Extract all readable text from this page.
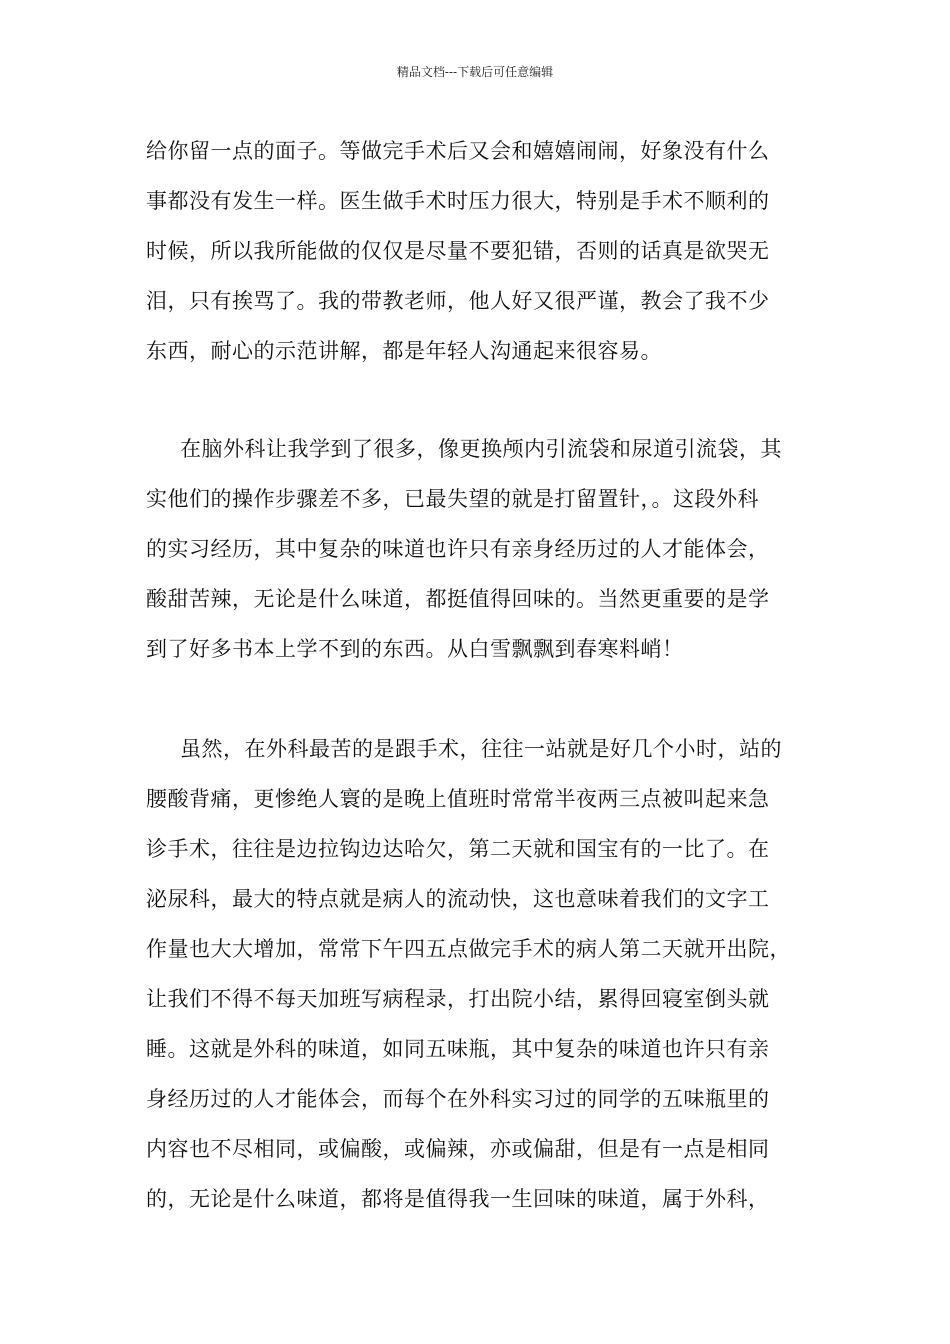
精品文档---下载后可任意编辑
给你留一点的面子。等做完手术后又会和嬉嬉闹闹，好象没有什么
事都没有发生一样。医生做手术时压力很大，特别是手术不顺利的
时候，所以我所能做的仅仅是尽量不要犯错，否则的话真是欲哭无
泪，只有挨骂了。我的带教老师，他人好又很严谨，教会了我不少
东西，耐心的示范讲解，都是年轻人沟通起来很容易。
在脑外科让我学到了很多，像更换颅内引流袋和尿道引流袋，其
实他们的操作步骤差不多，已最失望的就是打留置针，。这段外科
的实习经历，其中复杂的味道也许只有亲身经历过的人才能体会，
酸甜苦辣，无论是什么味道，都挺值得回味的。当然更重要的是学
到了好多书本上学不到的东西。从白雪飘飘到春寒料峭！
虽然，在外科最苦的是跟手术，往往一站就是好几个小时，站的
腰酸背痛，更惨绝人寰的是晚上值班时常常半夜两三点被叫起来急
诊手术，往往是边拉钩边达哈欠，第二天就和国宝有的一比了。在
泌尿科，最大的特点就是病人的流动快，这也意味着我们的文字工
作量也大大增加，常常下午四五点做完手术的病人第二天就开出院，
让我们不得不每天加班写病程录，打出院小结，累得回寝室倒头就
睡。这就是外科的味道，如同五味瓶，其中复杂的味道也许只有亲
身经历过的人才能体会，而每个在外科实习过的同学的五味瓶里的
内容也不尽相同，或偏酸，或偏辣，亦或偏甜，但是有一点是相同
的，无论是什么味道，都将是值得我一生回味的味道，属于外科，
